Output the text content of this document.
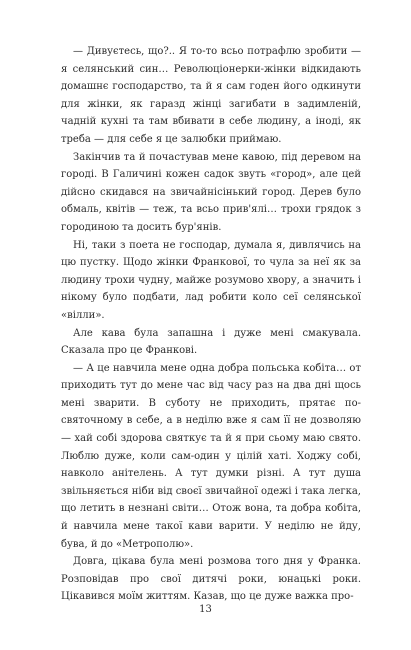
— Дивуєтесь, що?.. Я то-то всьо потрафлю зробити — я селянський син… Революціонерки-жінки відкидають домашнє господарство, та й я сам годен його одкинути для жінки, як гаразд жінці загибати в задимленій, чадній кухні та там вбивати в себе людину, а іноді, як треба — для себе я це залюбки приймаю.

Закінчив та й почастував мене кавою, під деревом на городі. В Галичині кожен садок звуть «город», але цей дійсно скидався на звичайнісінький город. Дерев було обмаль, квітів — теж, та всьо прив'ялі… трохи грядок з городиною та досить бур'янів.

Ні, таки з поета не господар, думала я, дивлячись на цю пустку. Щодо жінки Франкової, то чула за неї як за людину трохи чудну, майже розумово хвору, а значить і нікому було подбати, лад робити коло сеї селянської «вілли».

Але кава була запашна і дуже мені смакувала. Сказала про це Франкові.

— А це навчила мене одна добра польська кобіта… от приходить тут до мене час від часу раз на два дні щось мені зварити. В суботу не приходить, прятає по-святочному в себе, а в неділю вже я сам її не дозволяю — хай собі здорова святкує та й я при сьому маю свято. Люблю дуже, коли сам-один у цілій хаті. Ходжу собі, навколо анітелень. А тут думки різні. А тут душа звільняється ніби від своєї звичайної одежі і така легка, що летить в незнані світи… Отож вона, та добра кобіта, й навчила мене такої кави варити. У неділю не йду, бува, й до «Метрополю».

Довга, цікава була мені розмова того дня у Франка. Розповідав про свої дитячі роки, юнацькі роки. Цікавився моїм життям. Казав, що це дуже важка про-

13
